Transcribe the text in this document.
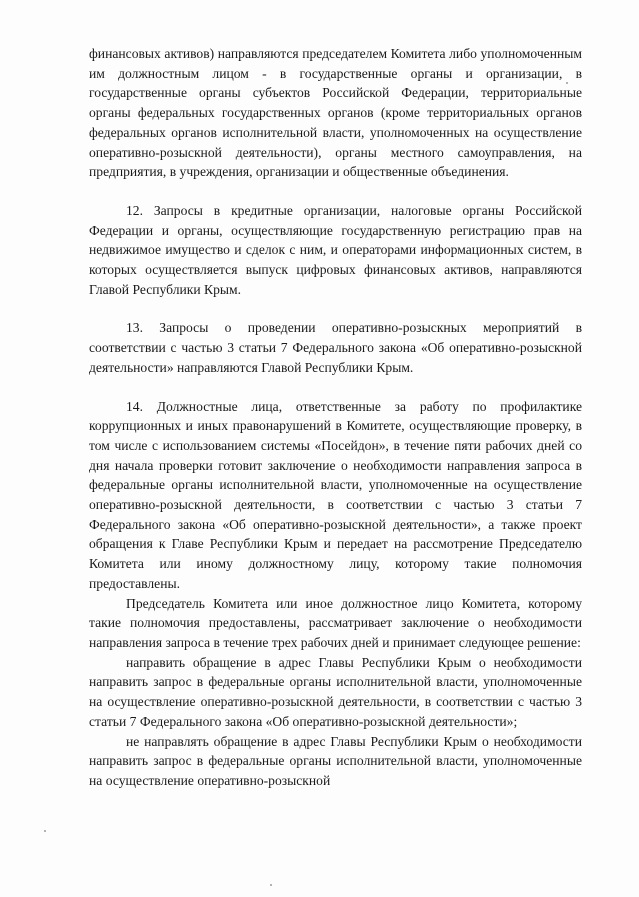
финансовых активов) направляются председателем Комитета либо уполномоченным им должностным лицом - в государственные органы и организации, в государственные органы субъектов Российской Федерации, территориальные органы федеральных государственных органов (кроме территориальных органов федеральных органов исполнительной власти, уполномоченных на осуществление оперативно-розыскной деятельности), органы местного самоуправления, на предприятия, в учреждения, организации и общественные объединения.

12. Запросы в кредитные организации, налоговые органы Российской Федерации и органы, осуществляющие государственную регистрацию прав на недвижимое имущество и сделок с ним, и операторами информационных систем, в которых осуществляется выпуск цифровых финансовых активов, направляются Главой Республики Крым.

13. Запросы о проведении оперативно-розыскных мероприятий в соответствии с частью 3 статьи 7 Федерального закона «Об оперативно-розыскной деятельности» направляются Главой Республики Крым.

14. Должностные лица, ответственные за работу по профилактике коррупционных и иных правонарушений в Комитете, осуществляющие проверку, в том числе с использованием системы «Посейдон», в течение пяти рабочих дней со дня начала проверки готовит заключение о необходимости направления запроса в федеральные органы исполнительной власти, уполномоченные на осуществление оперативно-розыскной деятельности, в соответствии с частью 3 статьи 7 Федерального закона «Об оперативно-розыскной деятельности», а также проект обращения к Главе Республики Крым и передает на рассмотрение Председателю Комитета или иному должностному лицу, которому такие полномочия предоставлены.

Председатель Комитета или иное должностное лицо Комитета, которому такие полномочия предоставлены, рассматривает заключение о необходимости направления запроса в течение трех рабочих дней и принимает следующее решение:

направить обращение в адрес Главы Республики Крым о необходимости направить запрос в федеральные органы исполнительной власти, уполномоченные на осуществление оперативно-розыскной деятельности, в соответствии с частью 3 статьи 7 Федерального закона «Об оперативно-розыскной деятельности»;

не направлять обращение в адрес Главы Республики Крым о необходимости направить запрос в федеральные органы исполнительной власти, уполномоченные на осуществление оперативно-розыскной
